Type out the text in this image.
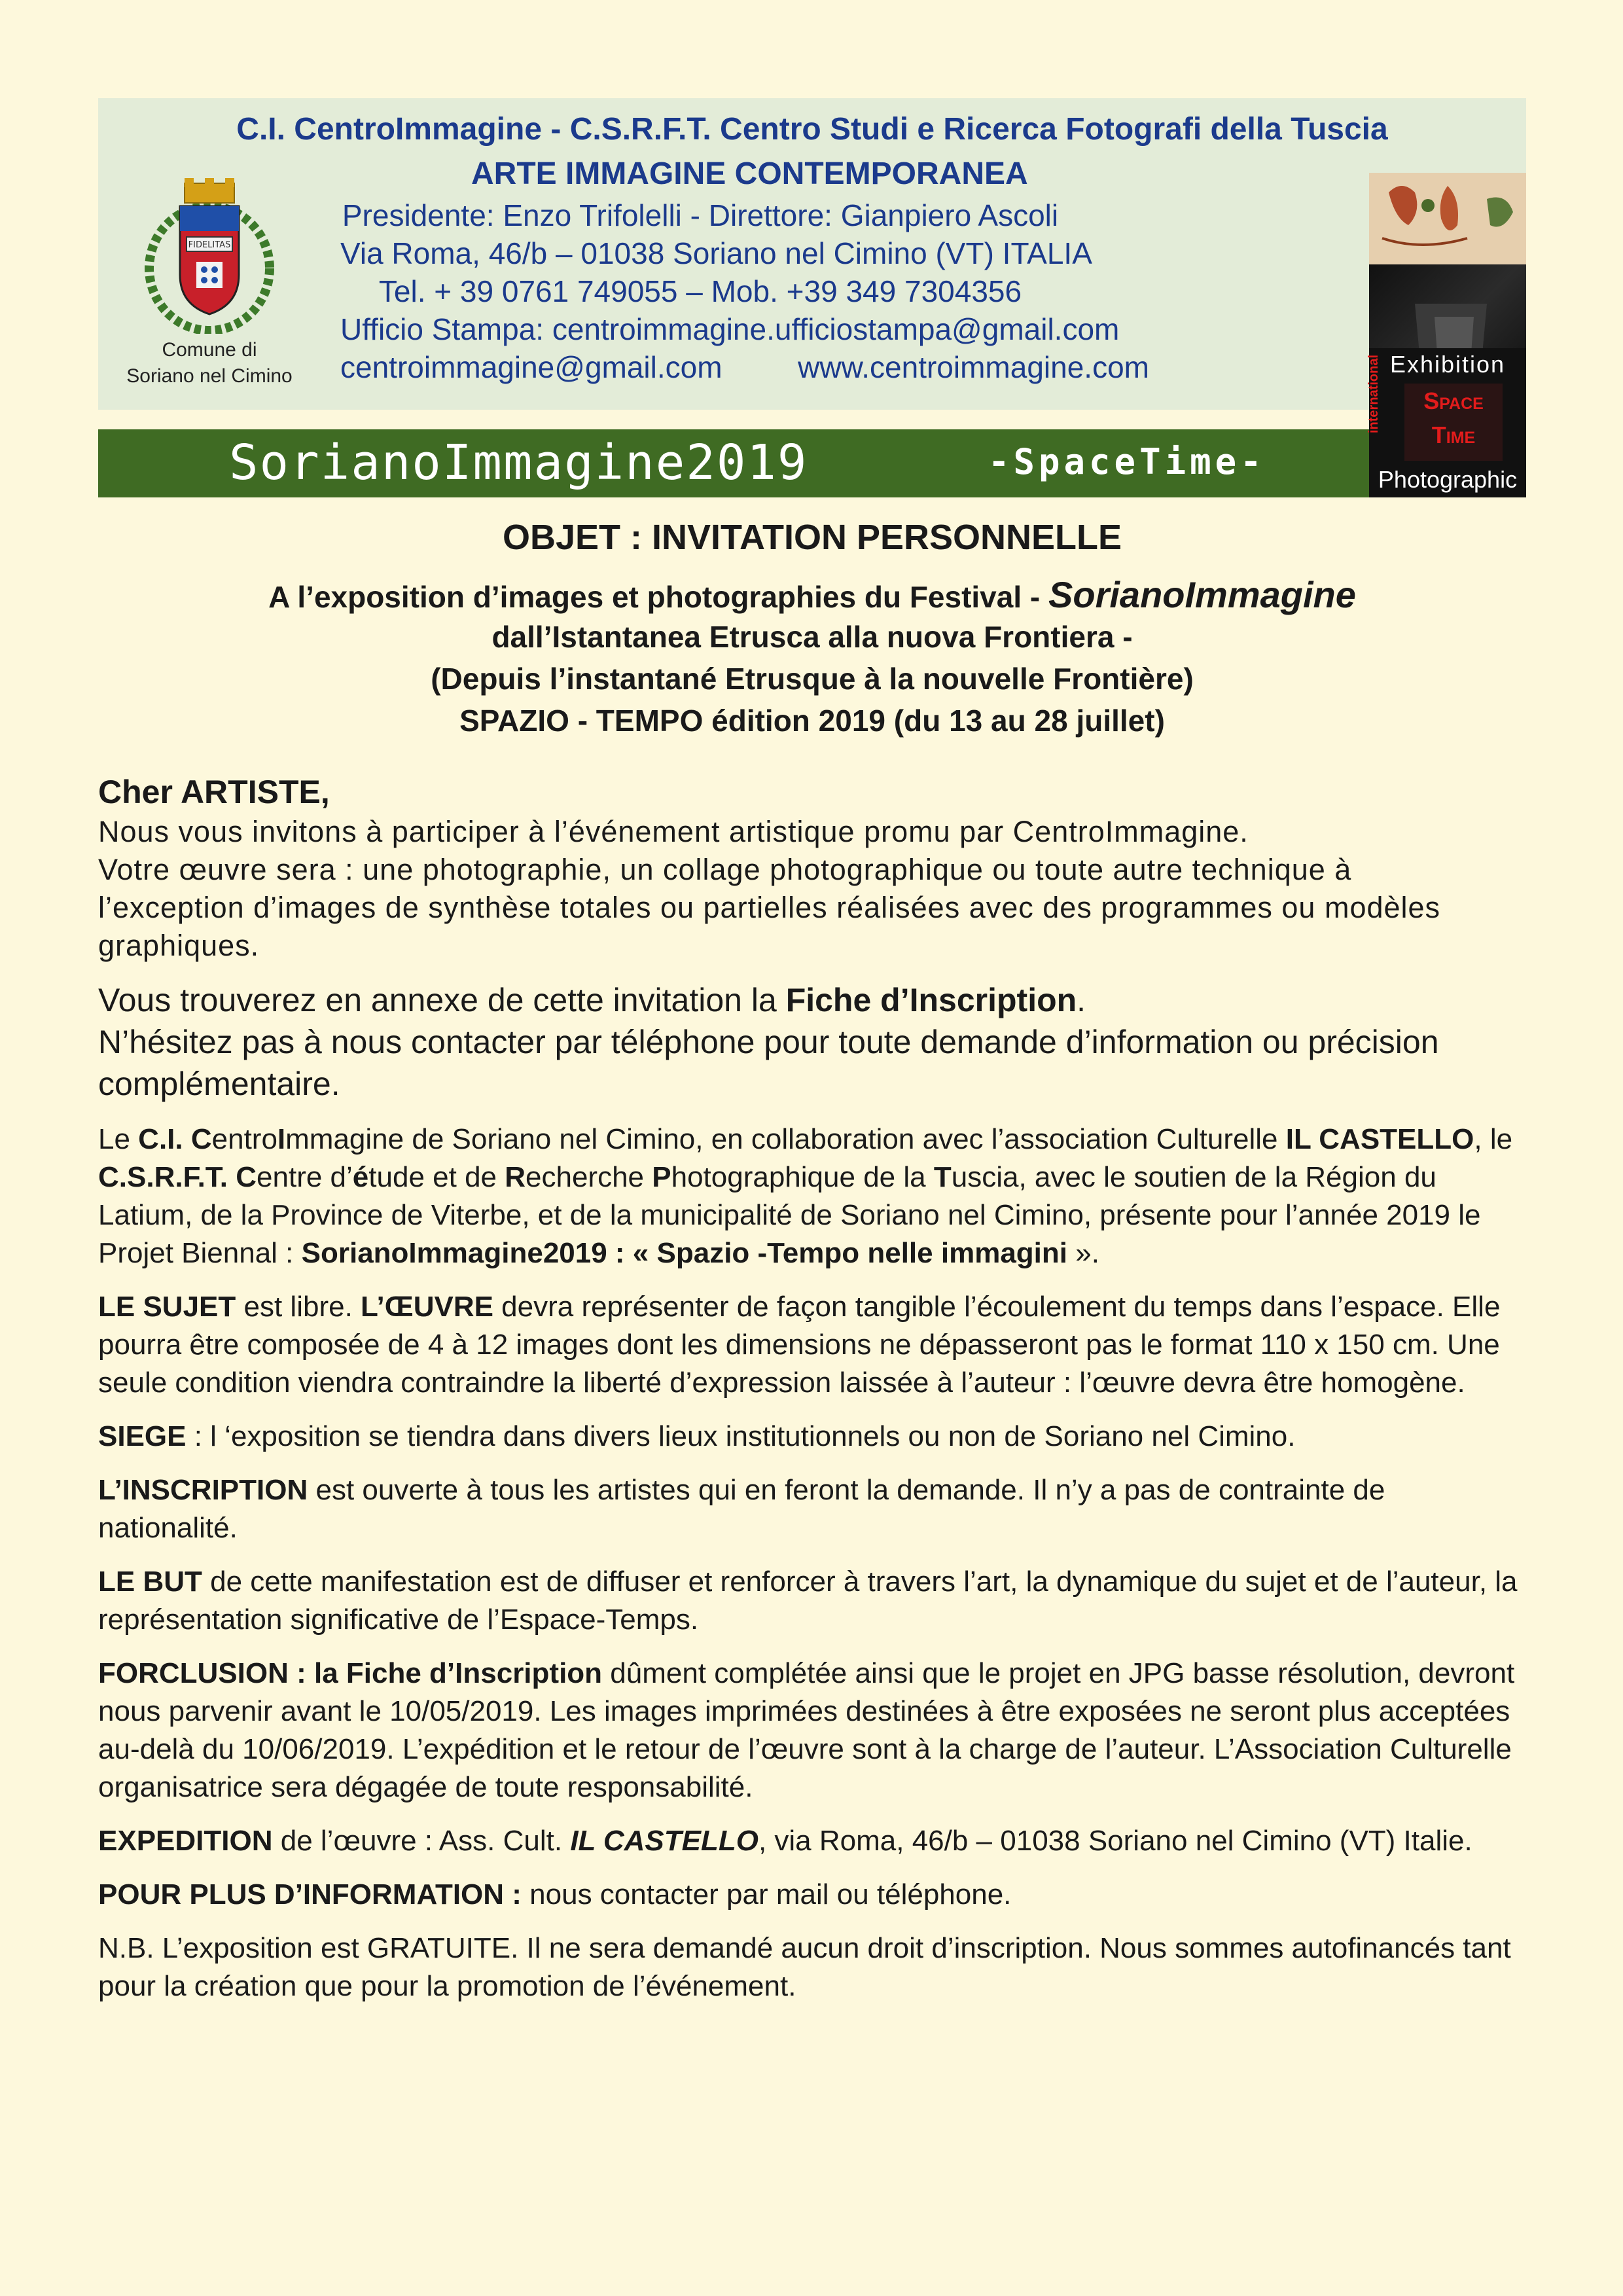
C.I. CentroImmagine - C.S.R.F.T. Centro Studi e Ricerca Fotografi della Tuscia
ARTE IMMAGINE CONTEMPORANEA
Presidente: Enzo Trifolelli - Direttore: Gianpiero Ascoli
Via Roma, 46/b – 01038 Soriano nel Cimino (VT) ITALIA
Tel. + 39 0761 749055 – Mob. +39 349 7304356
Ufficio Stampa: centroimmagine.ufficiostampa@gmail.com
centroimmagine@gmail.com	www.centroimmagine.com
FIDELITAS
Comune di
Soriano nel Cimino
SorianoImmagine2019	-SpaceTime-
Exhibition
international	Space
Time
Photographic
OBJET : INVITATION PERSONNELLE
A l’exposition d’images et photographies du Festival - SorianoImmagine
dall’Istantanea Etrusca alla nuova Frontiera -
(Depuis l’instantané Etrusque à la nouvelle Frontière)
SPAZIO - TEMPO édition 2019 (du 13 au 28 juillet)

Cher ARTISTE,

Nous vous invitons à participer à l’événement artistique promu par CentroImmagine.

Votre œuvre sera : une photographie, un collage photographique ou toute autre technique à l’exception d’images de synthèse totales ou partielles réalisées avec des programmes ou modèles graphiques.

Vous trouverez en annexe de cette invitation la Fiche d’Inscription.

N’hésitez pas à nous contacter par téléphone pour toute demande d’information ou précision complémentaire.

Le C.I. CentroImmagine de Soriano nel Cimino, en collaboration avec l’association Culturelle IL CASTELLO, le C.S.R.F.T. Centre d’étude et de Recherche Photographique de la Tuscia, avec le soutien de la Région du Latium, de la Province de Viterbe, et de la municipalité de Soriano nel Cimino, présente pour l’année 2019 le Projet Biennal : SorianoImmagine2019 : « Spazio -Tempo nelle immagini ».

LE SUJET est libre. L’ŒUVRE devra représenter de façon tangible l’écoulement du temps dans l’espace. Elle pourra être composée de 4 à 12 images dont les dimensions ne dépasseront pas le format 110 x 150 cm. Une seule condition viendra contraindre la liberté d’expression laissée à l’auteur : l’œuvre devra être homogène.

SIEGE : l ‘exposition se tiendra dans divers lieux institutionnels ou non de Soriano nel Cimino.

L’INSCRIPTION est ouverte à tous les artistes qui en feront la demande. Il n’y a pas de contrainte de nationalité.

LE BUT de cette manifestation est de diffuser et renforcer à travers l’art, la dynamique du sujet et de l’auteur, la représentation significative de l’Espace-Temps.

FORCLUSION : la Fiche d’Inscription dûment complétée ainsi que le projet en JPG basse résolution, devront nous parvenir avant le 10/05/2019. Les images imprimées destinées à être exposées ne seront plus acceptées au-delà du 10/06/2019. L’expédition et le retour de l’œuvre sont à la charge de l’auteur. L’Association Culturelle organisatrice sera dégagée de toute responsabilité.

EXPEDITION de l’œuvre : Ass. Cult. IL CASTELLO, via Roma, 46/b – 01038 Soriano nel Cimino (VT) Italie.

POUR PLUS D’INFORMATION : nous contacter par mail ou téléphone.

N.B. L’exposition est GRATUITE. Il ne sera demandé aucun droit d’inscription. Nous sommes autofinancés tant pour la création que pour la promotion de l’événement.
